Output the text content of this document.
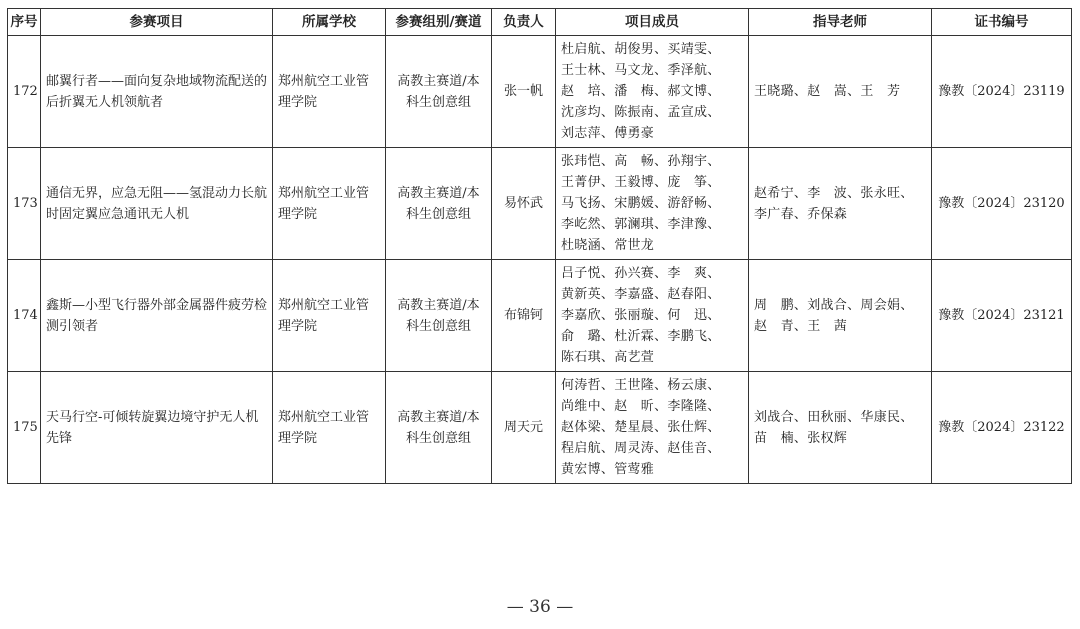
序号	参赛项目	所属学校	参赛组别/赛道	负责人	项目成员	指导老师	证书编号
172	邮翼行者——面向复杂地域物流配送的后折翼无人机领航者	郑州航空工业管理学院	高教主赛道/本科生创意组	张一帆	杜启航、胡俊男、买靖雯、
王士林、马文龙、季泽航、
赵　培、潘　梅、郝文博、
沈彦均、陈振南、孟宣成、
刘志萍、傅勇豪	王晓璐、赵　嵩、王　芳	豫教〔2024〕23119
173	通信无界，应急无阻——氢混动力长航时固定翼应急通讯无人机	郑州航空工业管理学院	高教主赛道/本科生创意组	易怀武	张玮恺、高　畅、孙翔宇、
王菁伊、王毅博、庞　筝、
马飞扬、宋鹏媛、游舒畅、
李屹然、郭澜琪、李津豫、
杜晓涵、常世龙	赵希宁、李　波、张永旺、
李广春、乔保森	豫教〔2024〕23120
174	鑫斯—小型飞行器外部金属器件疲劳检测引领者	郑州航空工业管理学院	高教主赛道/本科生创意组	布锦钶	吕子悦、孙兴赛、李　爽、
黄新英、李嘉盛、赵春阳、
李嘉欣、张丽璇、何　迅、
俞　璐、杜沂霖、李鹏飞、
陈石琪、高艺萱	周　鹏、刘战合、周会娟、
赵　青、王　茜	豫教〔2024〕23121
175	天马行空-可倾转旋翼边境守护无人机先锋	郑州航空工业管理学院	高教主赛道/本科生创意组	周天元	何涛哲、王世隆、杨云康、
尚维中、赵　昕、李隆隆、
赵体梁、楚星晨、张仕辉、
程启航、周灵涛、赵佳音、
黄宏博、管莺雅	刘战合、田秋丽、华康民、
苗　楠、张权辉	豫教〔2024〕23122
— 36 —
